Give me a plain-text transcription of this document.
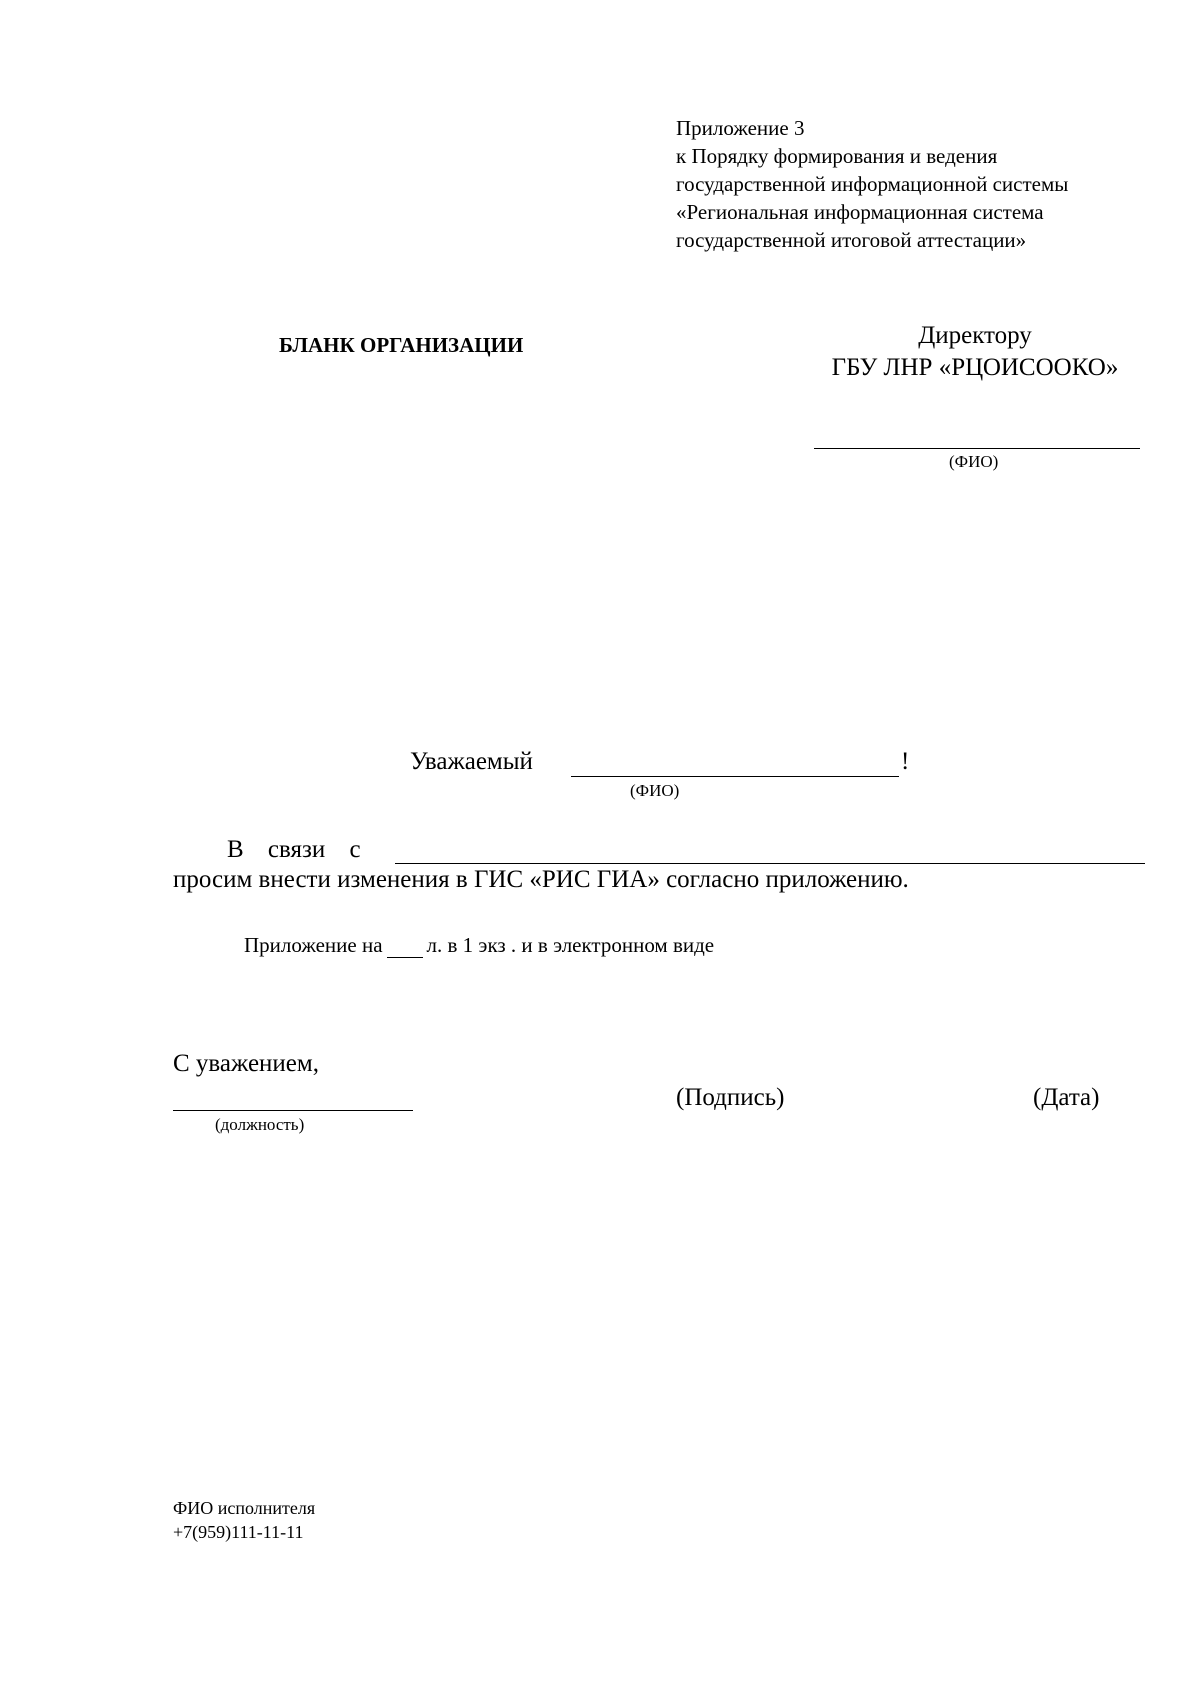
Приложение 3
к Порядку формирования и ведения
государственной информационной системы
«Региональная информационная система
государственной итоговой аттестации»
БЛАНК ОРГАНИЗАЦИИ	Директору
ГБУ ЛНР «РЦОИСООКО»
(ФИО)
Уважаемый	!
(ФИО)
В связи с
просим внести изменения в ГИС «РИС ГИА» согласно приложению.
Приложение на л. в 1 экз . и в электронном виде
С уважением,
(должность)
(Подпись)	(Дата)
ФИО исполнителя
+7(959)111-11-11
